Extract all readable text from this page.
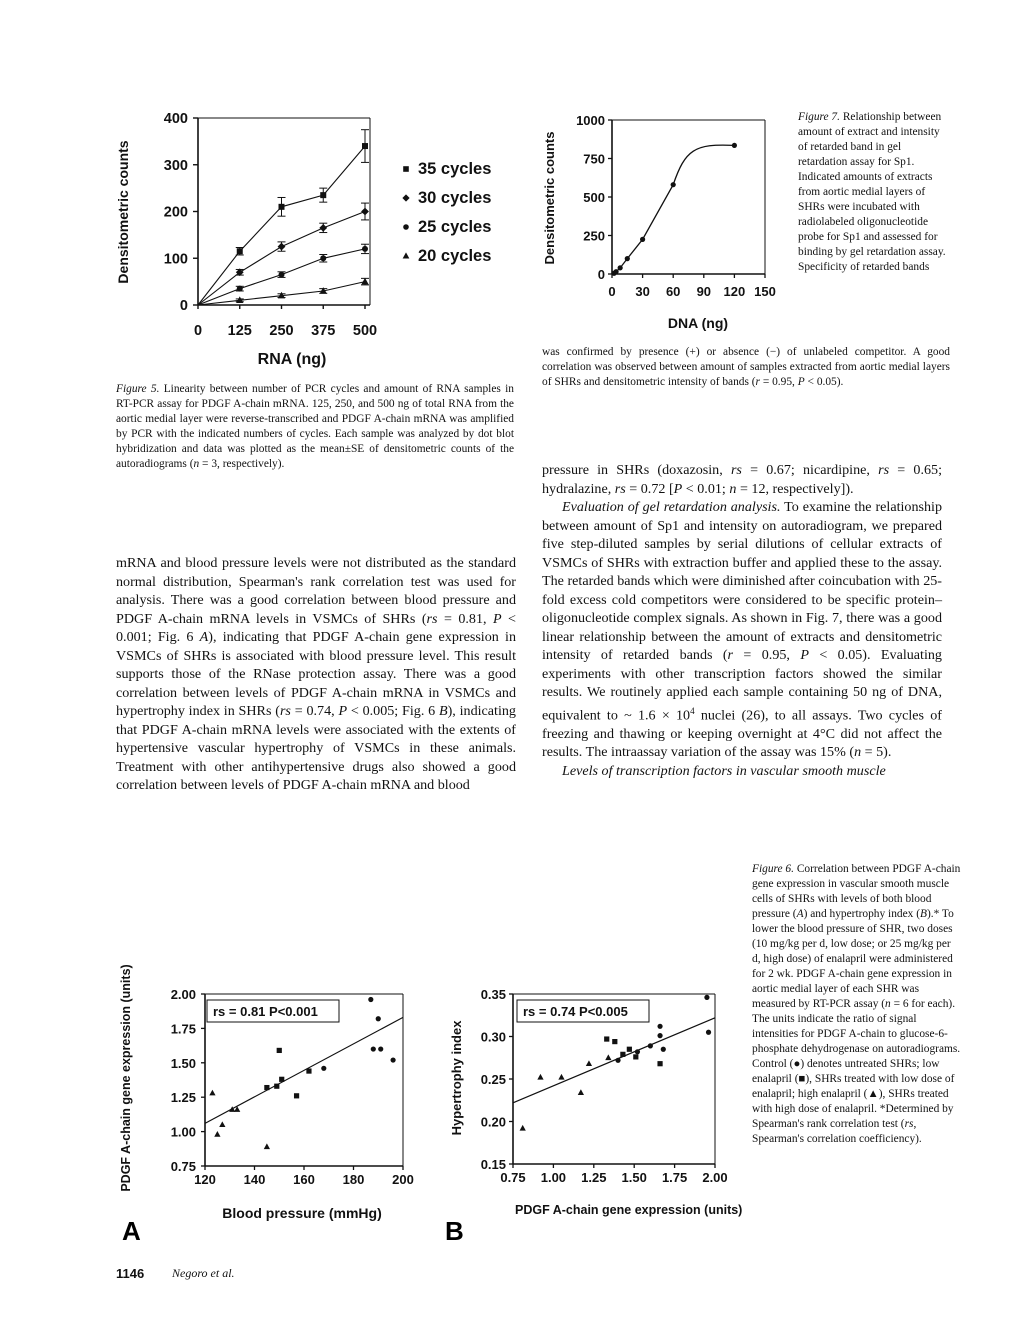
0
100
200
300
400
0 125 250 375 500
Densitometric counts
RNA (ng)
35 cycles
30 cycles
25 cycles
20 cycles

Figure 5. Linearity between number of PCR cycles and amount of RNA samples in RT-PCR assay for PDGF A-chain mRNA. 125, 250, and 500 ng of total RNA from the aortic medial layer were reverse-transcribed and PDGF A-chain mRNA was amplified by PCR with the indicated numbers of cycles. Each sample was analyzed by dot blot hybridization and data was plotted as the mean±SE of densitometric counts of the autoradiograms (n = 3, respectively).

0
250
500
750
1000
0 30 60 90 120 150
Densitometric counts
DNA (ng)

Figure 7. Relationship between amount of extract and intensity of retarded band in gel retardation assay for Sp1. Indicated amounts of extracts from aortic medial layers of SHRs were incubated with radiolabeled oligonucleotide probe for Sp1 and assessed for binding by gel retardation assay. Specificity of retarded bands

was confirmed by presence (+) or absence (−) of unlabeled competitor. A good correlation was observed between amount of samples extracted from aortic medial layers of SHRs and densitometric intensity of bands (r = 0.95, P < 0.05).

mRNA and blood pressure levels were not distributed as the standard normal distribution, Spearman's rank correlation test was used for analysis. There was a good correlation between blood pressure and PDGF A-chain mRNA levels in VSMCs of SHRs (rs = 0.81, P < 0.001; Fig. 6 A), indicating that PDGF A-chain gene expression in VSMCs of SHRs is associated with blood pressure level. This result supports those of the RNase protection assay. There was a good correlation between levels of PDGF A-chain mRNA in VSMCs and hypertrophy index in SHRs (rs = 0.74, P < 0.005; Fig. 6 B), indicating that PDGF A-chain mRNA levels were associated with the extents of hypertensive vascular hypertrophy of VSMCs in these animals. Treatment with other antihypertensive drugs also showed a good correlation between levels of PDGF A-chain mRNA and blood

pressure in SHRs (doxazosin, rs = 0.67; nicardipine, rs = 0.65; hydralazine, rs = 0.72 [P < 0.01; n = 12, respectively]).

Evaluation of gel retardation analysis. To examine the relationship between amount of Sp1 and intensity on autoradiogram, we prepared five step-diluted samples by serial dilutions of cellular extracts of VSMCs of SHRs with extraction buffer and applied these to the assay. The retarded bands which were diminished after coincubation with 25-fold excess cold competitors were considered to be specific protein–oligonucleotide complex signals. As shown in Fig. 7, there was a good linear relationship between the amount of extracts and densitometric intensity of retarded bands (r = 0.95, P < 0.05). Evaluating experiments with other transcription factors showed the similar results. We routinely applied each sample containing 50 ng of DNA, equivalent to ~ $1.6 \times 10^4$ nuclei (26), to all assays. Two cycles of freezing and thawing or keeping overnight at 4°C did not affect the results. The intraassay variation of the assay was 15% (n = 5).

Levels of transcription factors in vascular smooth muscle

0.75
1.00
1.25
1.50
1.75
2.00
120 140 160 180 200
rs = 0.81 P<0.001
PDGF A-chain gene expression (units)
Blood pressure (mmHg)
A
0.15
0.20
0.25
0.30
0.35
0.75 1.00 1.25 1.50 1.75 2.00
rs = 0.74 P<0.005
Hypertrophy index
PDGF A-chain gene expression (units)
B

Figure 6. Correlation between PDGF A-chain gene expression in vascular smooth muscle cells of SHRs with levels of both blood pressure (A) and hypertrophy index (B).* To lower the blood pressure of SHR, two doses (10 mg/kg per d, low dose; or 25 mg/kg per d, high dose) of enalapril were administered for 2 wk. PDGF A-chain gene expression in aortic medial layer of each SHR was measured by RT-PCR assay (n = 6 for each). The units indicate the ratio of signal intensities for PDGF A-chain to glucose-6-phosphate dehydrogenase on autoradiograms. Control (●) denotes untreated SHRs; low enalapril (■), SHRs treated with low dose of enalapril; high enalapril (▲), SHRs treated with high dose of enalapril. *Determined by Spearman's rank correlation test (rs, Spearman's correlation coefficiency).

1146 Negoro et al.
